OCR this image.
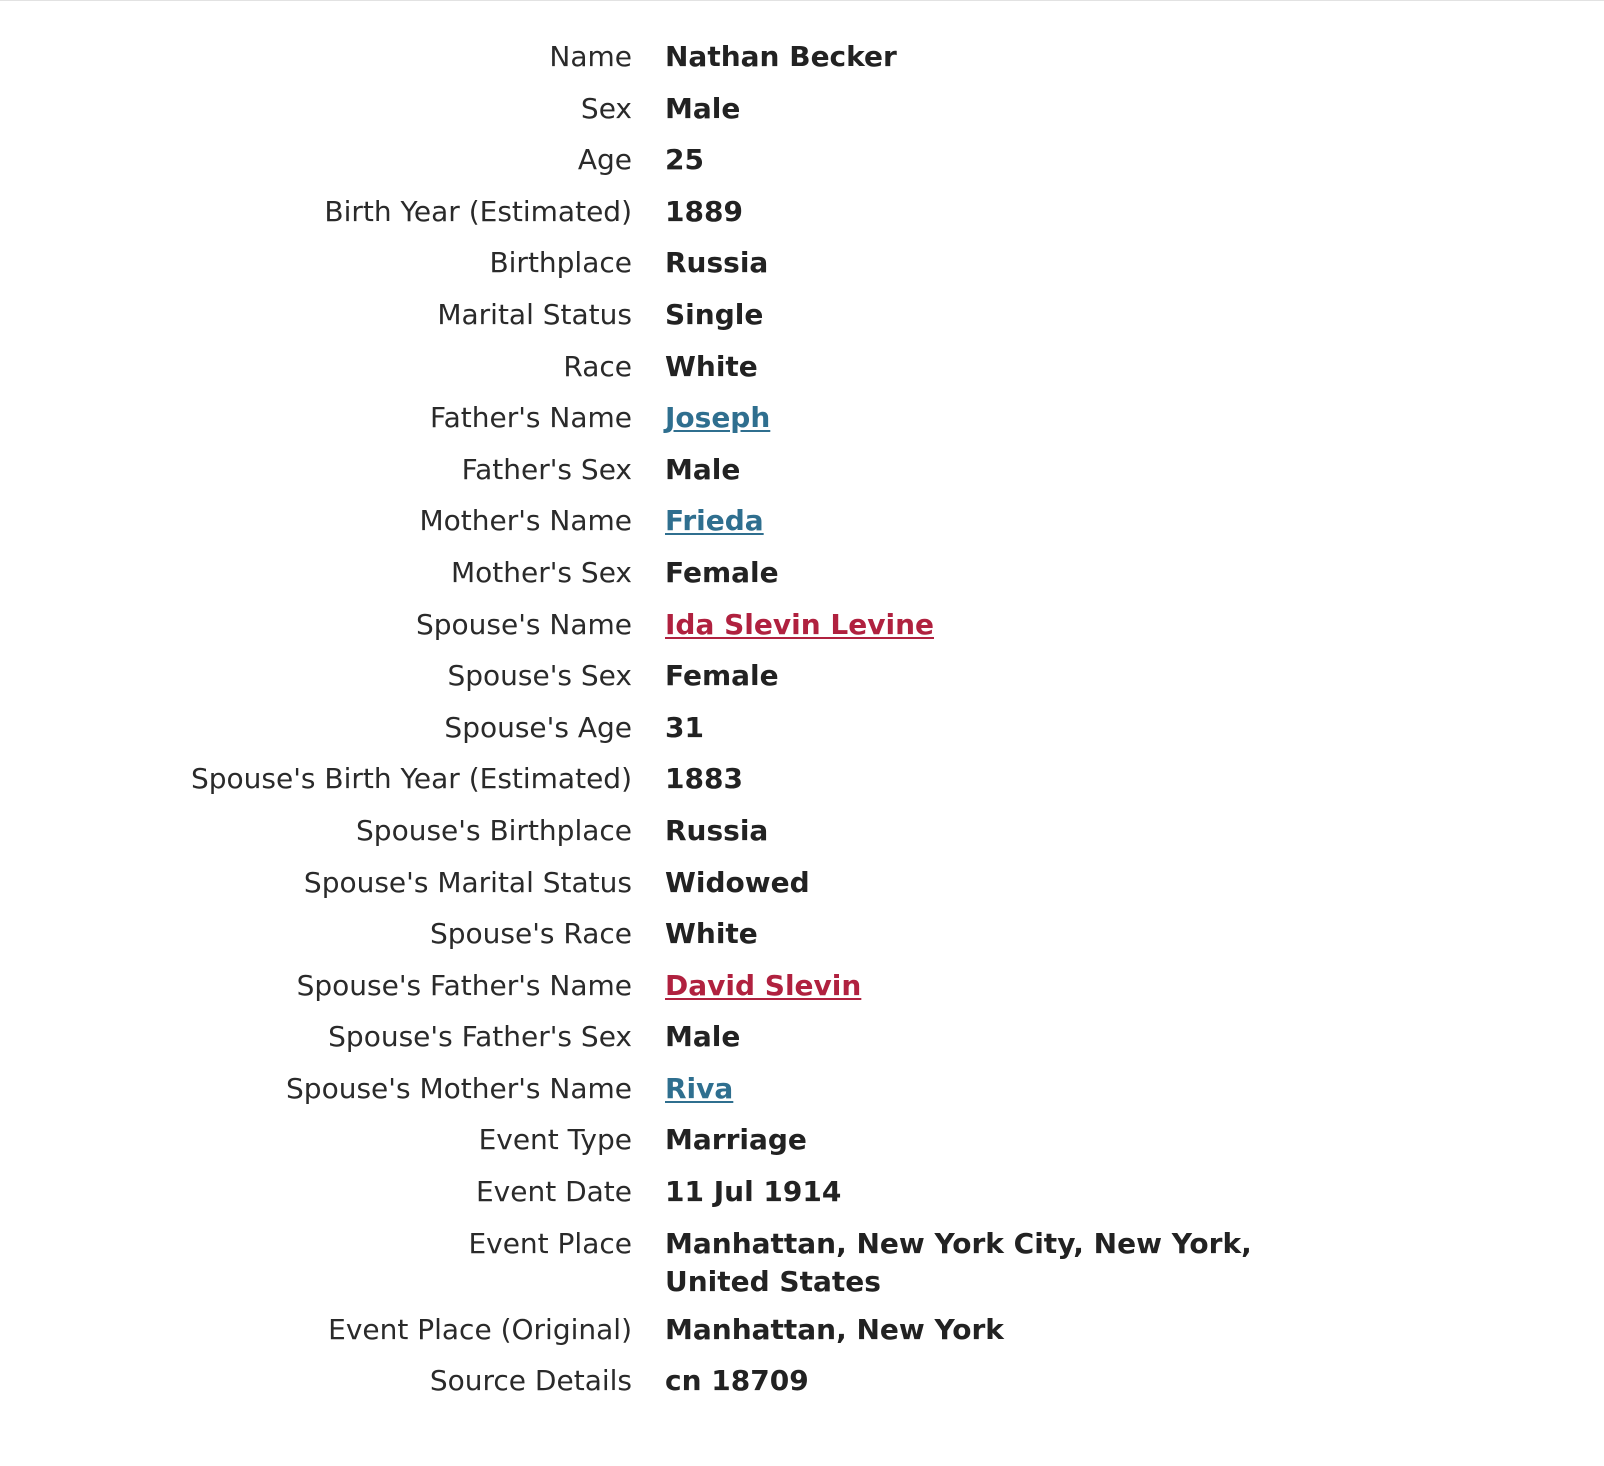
Name Nathan Becker
Sex Male
Age 25
Birth Year (Estimated) 1889
Birthplace Russia
Marital Status Single
Race White
Father's Name Joseph
Father's Sex Male
Mother's Name Frieda
Mother's Sex Female
Spouse's Name Ida Slevin Levine
Spouse's Sex Female
Spouse's Age 31
Spouse's Birth Year (Estimated) 1883
Spouse's Birthplace Russia
Spouse's Marital Status Widowed
Spouse's Race White
Spouse's Father's Name David Slevin
Spouse's Father's Sex Male
Spouse's Mother's Name Riva
Event Type Marriage
Event Date 11 Jul 1914
Event Place Manhattan, New York City, New York, United States
Event Place (Original) Manhattan, New York
Source Details cn 18709
